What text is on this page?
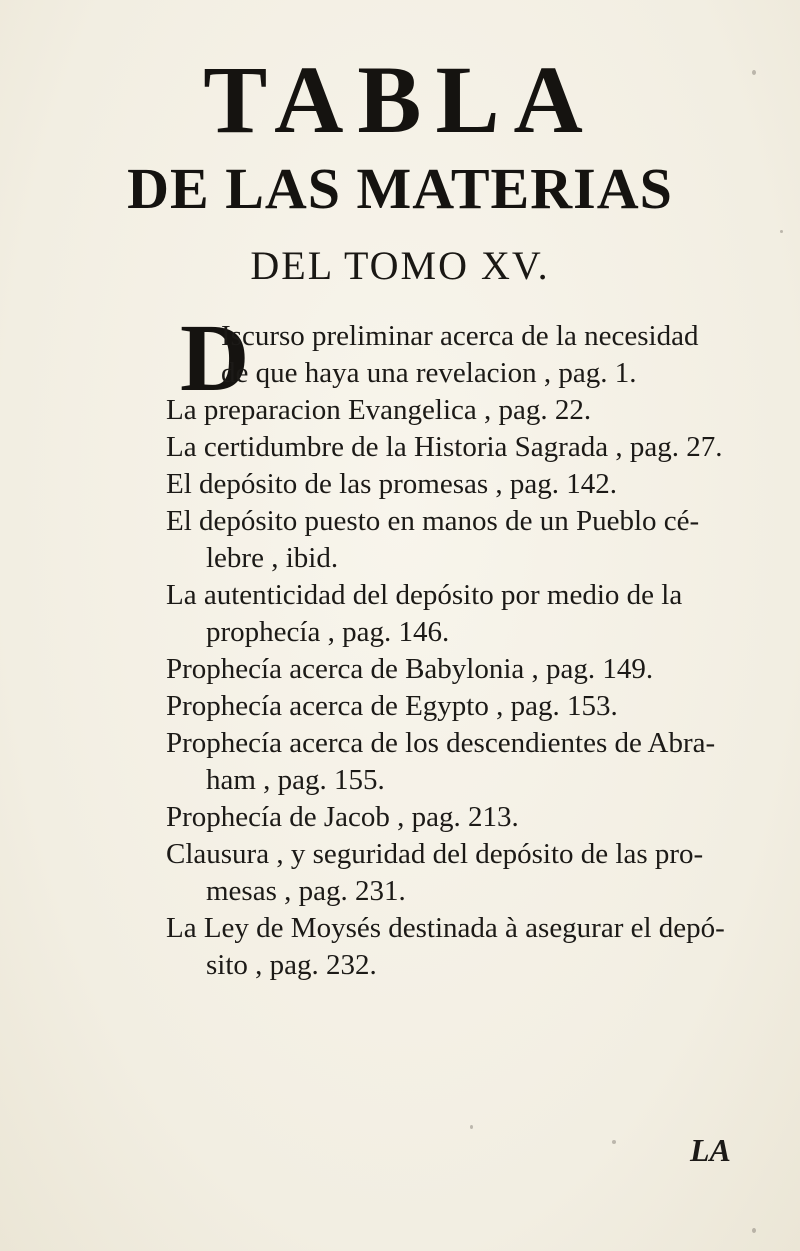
TABLA
DE LAS MATERIAS
DEL TOMO XV.
D
Iscurso preliminar acerca de la necesidad
de que haya una revelacion , pag. 1.
La preparacion Evangelica , pag. 22.
La certidumbre de la Historia Sagrada , pag. 27.
El depósito de las promesas , pag. 142.
El depósito puesto en manos de un Pueblo cé-
lebre , ibid.
La autenticidad del depósito por medio de la
prophecía , pag. 146.
Prophecía acerca de Babylonia , pag. 149.
Prophecía acerca de Egypto , pag. 153.
Prophecía acerca de los descendientes de Abra-
ham , pag. 155.
Prophecía de Jacob , pag. 213.
Clausura , y seguridad del depósito de las pro-
mesas , pag. 231.
La Ley de Moysés destinada à asegurar el depó-
sito , pag. 232.
LA
